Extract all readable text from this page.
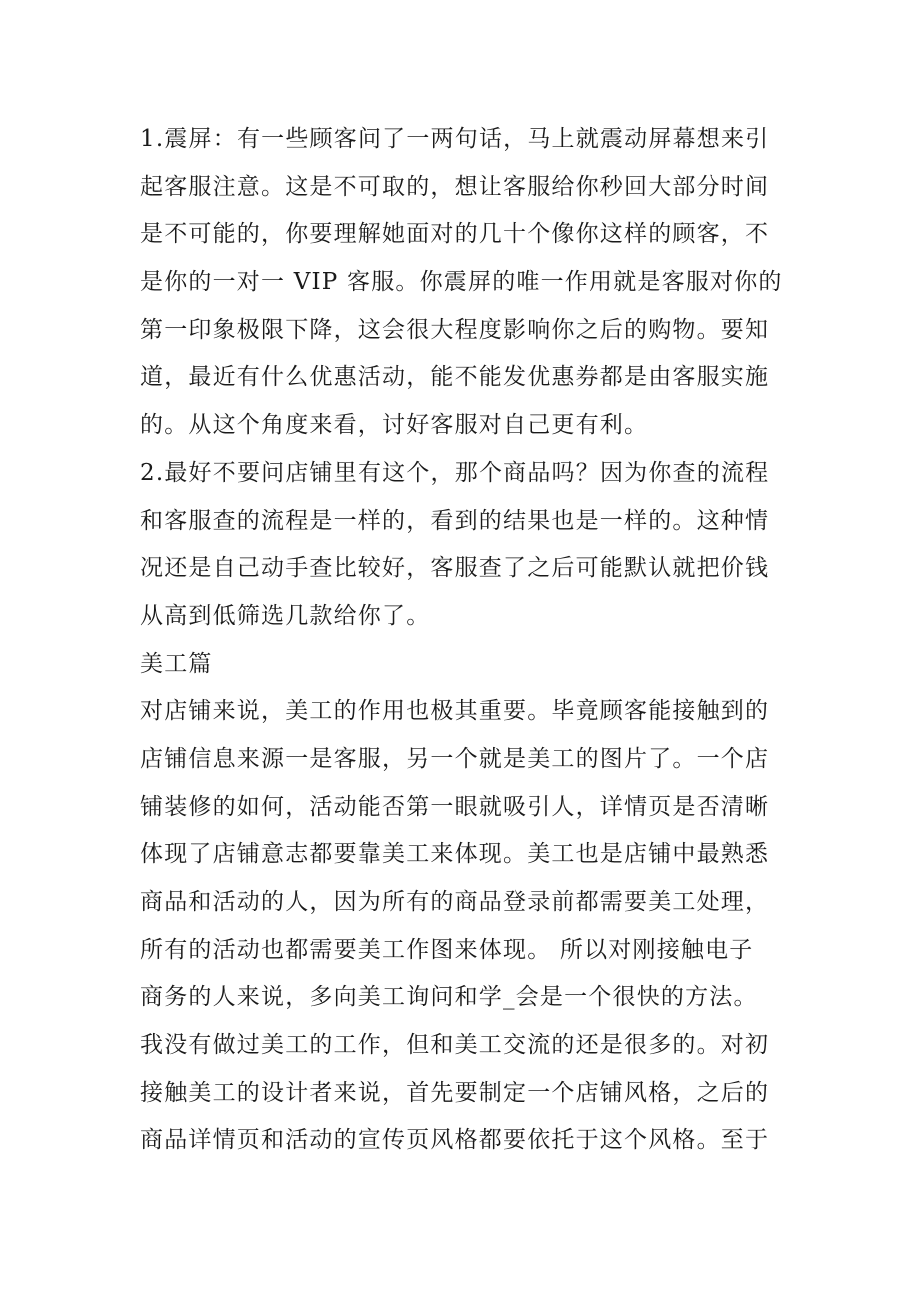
1.震屏：有一些顾客问了一两句话，马上就震动屏幕想来引
起客服注意。这是不可取的，想让客服给你秒回大部分时间
是不可能的，你要理解她面对的几十个像你这样的顾客，不
是你的一对一 VIP 客服。你震屏的唯一作用就是客服对你的
第一印象极限下降，这会很大程度影响你之后的购物。要知
道，最近有什么优惠活动，能不能发优惠券都是由客服实施
的。从这个角度来看，讨好客服对自己更有利。
2.最好不要问店铺里有这个，那个商品吗？因为你查的流程
和客服查的流程是一样的，看到的结果也是一样的。这种情
况还是自己动手查比较好，客服查了之后可能默认就把价钱
从高到低筛选几款给你了。
美工篇
对店铺来说，美工的作用也极其重要。毕竟顾客能接触到的
店铺信息来源一是客服，另一个就是美工的图片了。一个店
铺装修的如何，活动能否第一眼就吸引人，详情页是否清晰
体现了店铺意志都要靠美工来体现。美工也是店铺中最熟悉
商品和活动的人，因为所有的商品登录前都需要美工处理，
所有的活动也都需要美工作图来体现。 所以对刚接触电子
商务的人来说，多向美工询问和学_会是一个很快的方法。
我没有做过美工的工作，但和美工交流的还是很多的。对初
接触美工的设计者来说，首先要制定一个店铺风格，之后的
商品详情页和活动的宣传页风格都要依托于这个风格。至于
